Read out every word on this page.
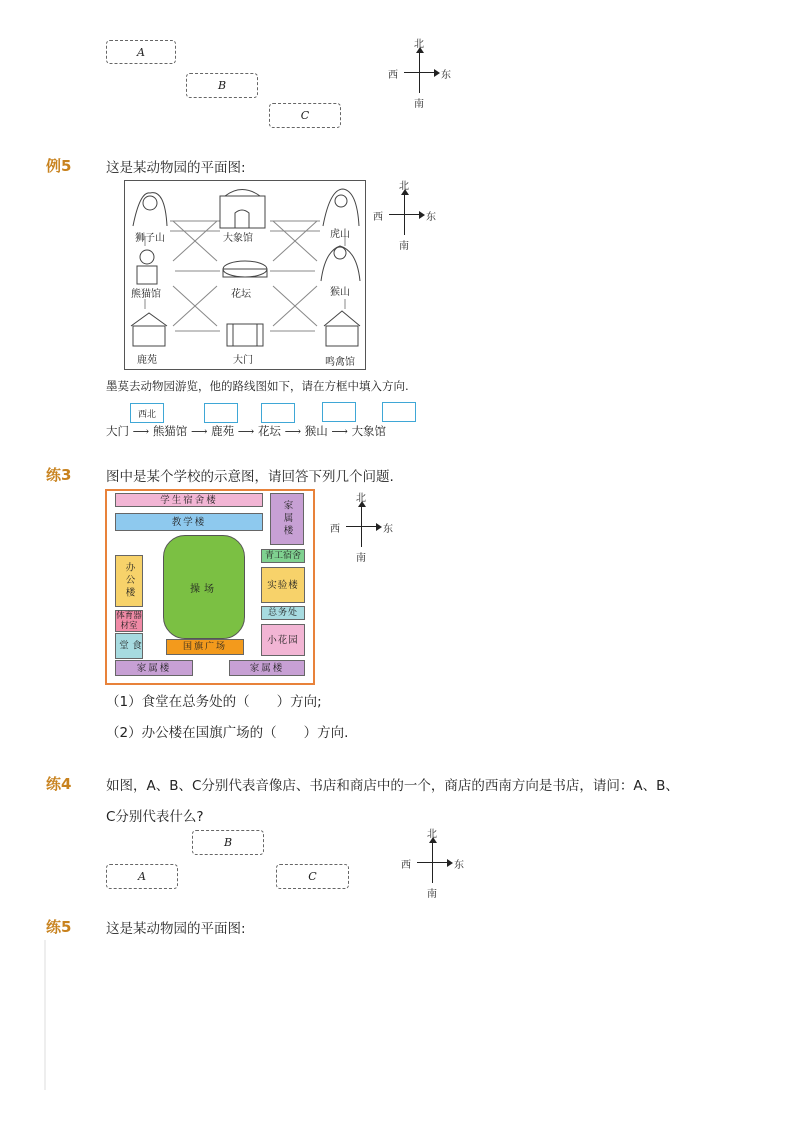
A
B
C
北
南
西	东
例5	这是某动物园的平面图:
狮子山	大象馆	虎山
熊猫馆	花坛	猴山
鹿苑	大门	鸣禽馆
北
南
西	东
墨莫去动物园游览，他的路线图如下，请在方框中填入方向.
西北
大门 ⟶ 熊猫馆 ⟶ 鹿苑 ⟶ 花坛 ⟶ 猴山 ⟶ 大象馆
练3	图中是某个学校的示意图，请回答下列几个问题.
学生宿舍楼
教学楼	家属楼
青工宿舍
实验楼
操场
办公楼
体育器材室
食堂
总务处
小花园
国旗广场
家属楼	家属楼
北
南
西	东
（1）食堂在总务处的（　　）方向;
（2）办公楼在国旗广场的（　　）方向.
练4	如图，A、B、C分别代表音像店、书店和商店中的一个，商店的西南方向是书店，请问：A、B、
C分别代表什么?
B
A	C
北
南
西	东
练5	这是某动物园的平面图:
